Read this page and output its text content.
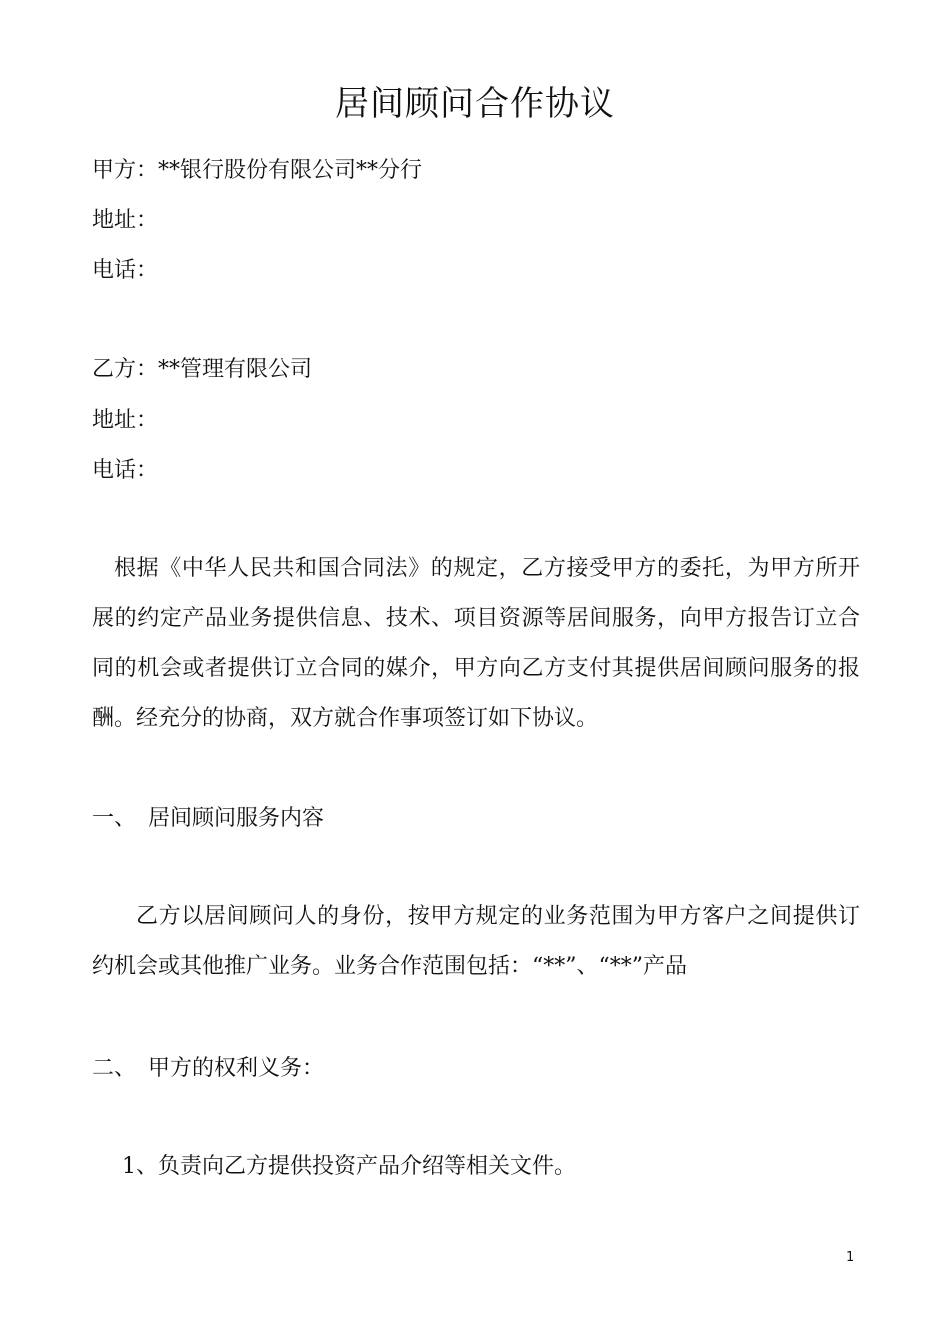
居间顾问合作协议

甲方：**银行股份有限公司**分行

地址：

电话：

乙方：**管理有限公司

地址：

电话：

根据《中华人民共和国合同法》的规定，乙方接受甲方的委托，为甲方所开展的约定产品业务提供信息、技术、项目资源等居间服务，向甲方报告订立合同的机会或者提供订立合同的媒介，甲方向乙方支付其提供居间顾问服务的报酬。经充分的协商，双方就合作事项签订如下协议。

一、 居间顾问服务内容

乙方以居间顾问人的身份，按甲方规定的业务范围为甲方客户之间提供订约机会或其他推广业务。业务合作范围包括：“**”、“**”产品

二、 甲方的权利义务：

1、负责向乙方提供投资产品介绍等相关文件。

1
